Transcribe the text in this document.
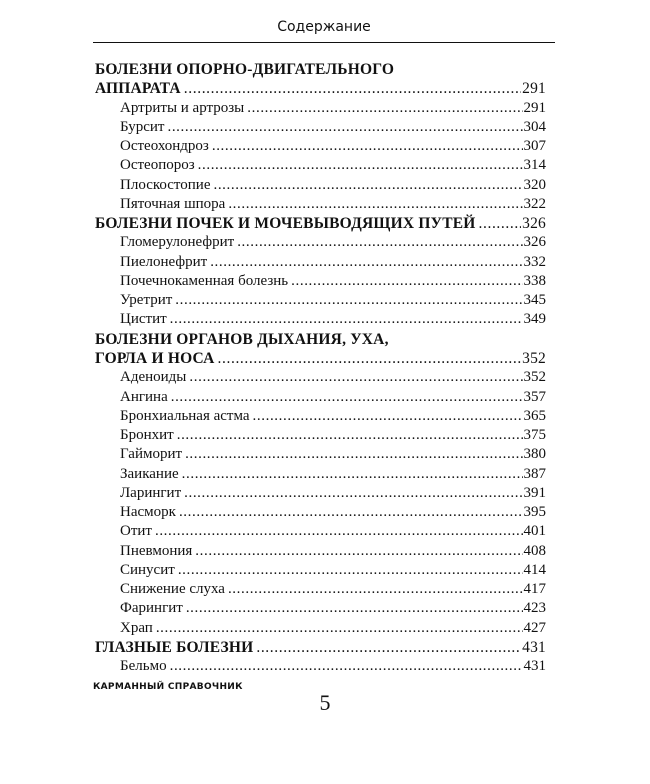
Содержание
БОЛЕЗНИ ОПОРНО-ДВИГАТЕЛЬНОГО
АППАРАТА .....	291
Артриты и артрозы .....	291
Бурсит .....	304
Остеохондроз .....	307
Остеопороз .....	314
Плоскостопие .....	320
Пяточная шпора .....	322
БОЛЕЗНИ ПОЧЕК И МОЧЕВЫВОДЯЩИХ ПУТЕЙ .....	326
Гломерулонефрит .....	326
Пиелонефрит .....	332
Почечнокаменная болезнь .....	338
Уретрит .....	345
Цистит .....	349
БОЛЕЗНИ ОРГАНОВ ДЫХАНИЯ, УХА,
ГОРЛА И НОСА .....	352
Аденоиды .....	352
Ангина .....	357
Бронхиальная астма .....	365
Бронхит .....	375
Гайморит .....	380
Заикание .....	387
Ларингит .....	391
Насморк .....	395
Отит .....	401
Пневмония .....	408
Синусит .....	414
Снижение слуха .....	417
Фарингит .....	423
Храп .....	427
ГЛАЗНЫЕ БОЛЕЗНИ .....	431
Бельмо .....	431
КАРМАННЫЙ СПРАВОЧНИК
5
